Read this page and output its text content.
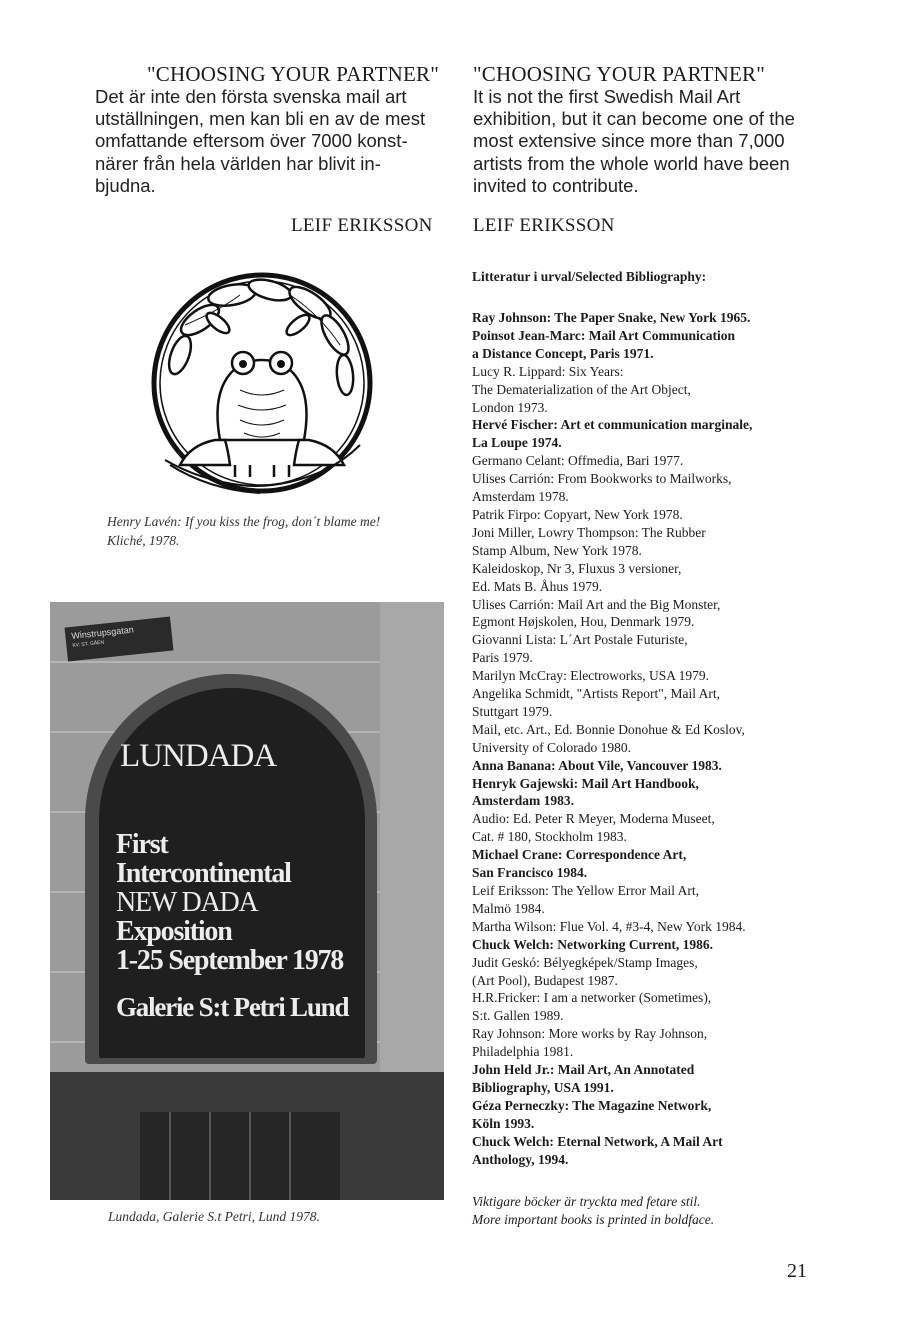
"CHOOSING YOUR PARTNER"
Det är inte den första svenska mail art
utställningen, men kan bli en av de mest
omfattande eftersom över 7000 konst-
närer från hela världen har blivit in-
bjudna.
LEIF ERIKSSON
"CHOOSING YOUR PARTNER"
It is not the first Swedish Mail Art
exhibition, but it can become one of the
most extensive since more than 7,000
artists from the whole world have been
invited to contribute.
LEIF ERIKSSON
Henry Lavén: If you kiss the frog, don´t blame me!
Kliché, 1978.
Winstrupsgatan
KV. ST. GÅEN
LUNDADA
First
Intercontinental
NEW DADA
Exposition
1-25 September 1978
Galerie S:t Petri Lund
Lundada, Galerie S.t Petri, Lund 1978.
Litteratur i urval/Selected Bibliography:
Ray Johnson: The Paper Snake, New York 1965.
Poinsot Jean-Marc: Mail Art Communication
a Distance Concept, Paris 1971.
Lucy R. Lippard: Six Years:
The Dematerialization of the Art Object,
London 1973.
Hervé Fischer: Art et communication marginale,
La Loupe 1974.
Germano Celant: Offmedia, Bari 1977.
Ulises Carrión: From Bookworks to Mailworks,
Amsterdam 1978.
Patrik Firpo: Copyart, New York 1978.
Joni Miller, Lowry Thompson: The Rubber
Stamp Album, New York 1978.
Kaleidoskop, Nr 3, Fluxus 3 versioner,
Ed. Mats B. Åhus 1979.
Ulises Carrión: Mail Art and the Big Monster,
Egmont Højskolen, Hou, Denmark 1979.
Giovanni Lista: L´Art Postale Futuriste,
Paris 1979.
Marilyn McCray: Electroworks, USA 1979.
Angelika Schmidt, "Artists Report", Mail Art,
Stuttgart 1979.
Mail, etc. Art., Ed. Bonnie Donohue & Ed Koslov,
University of Colorado 1980.
Anna Banana: About Vile, Vancouver 1983.
Henryk Gajewski: Mail Art Handbook,
Amsterdam 1983.
Audio: Ed. Peter R Meyer, Moderna Museet,
Cat. # 180, Stockholm 1983.
Michael Crane: Correspondence Art,
San Francisco 1984.
Leif Eriksson: The Yellow Error Mail Art,
Malmö 1984.
Martha Wilson: Flue Vol. 4, #3-4, New York 1984.
Chuck Welch: Networking Current, 1986.
Judit Geskó: Bélyegképek/Stamp Images,
(Art Pool), Budapest 1987.
H.R.Fricker: I am a networker (Sometimes),
S:t. Gallen 1989.
Ray Johnson: More works by Ray Johnson,
Philadelphia 1981.
John Held Jr.: Mail Art, An Annotated
Bibliography, USA 1991.
Géza Perneczky: The Magazine Network,
Köln 1993.
Chuck Welch: Eternal Network, A Mail Art
Anthology, 1994.
Viktigare böcker är tryckta med fetare stil.
More important books is printed in boldface.
21
